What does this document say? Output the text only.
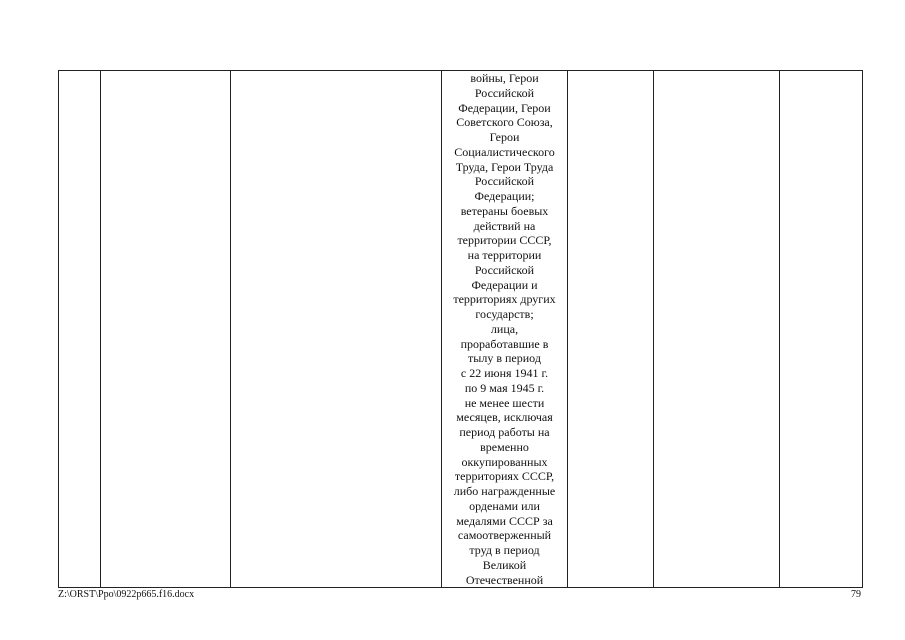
войны, Герои
Российской
Федерации, Герои
Советского Союза,
Герои
Социалистического
Труда, Герои Труда
Российской
Федерации;
ветераны боевых
действий на
территории СССР,
на территории
Российской
Федерации и
территориях других
государств;
лица,
проработавшие в
тылу в период
с 22 июня 1941 г.
по 9 мая 1945 г.
не менее шести
месяцев, исключая
период работы на
временно
оккупированных
территориях СССР,
либо награжденные
орденами или
медалями СССР за
самоотверженный
труд в период
Великой
Отечественной

Z:\ORST\Ppo\0922p665.f16.docx	79
